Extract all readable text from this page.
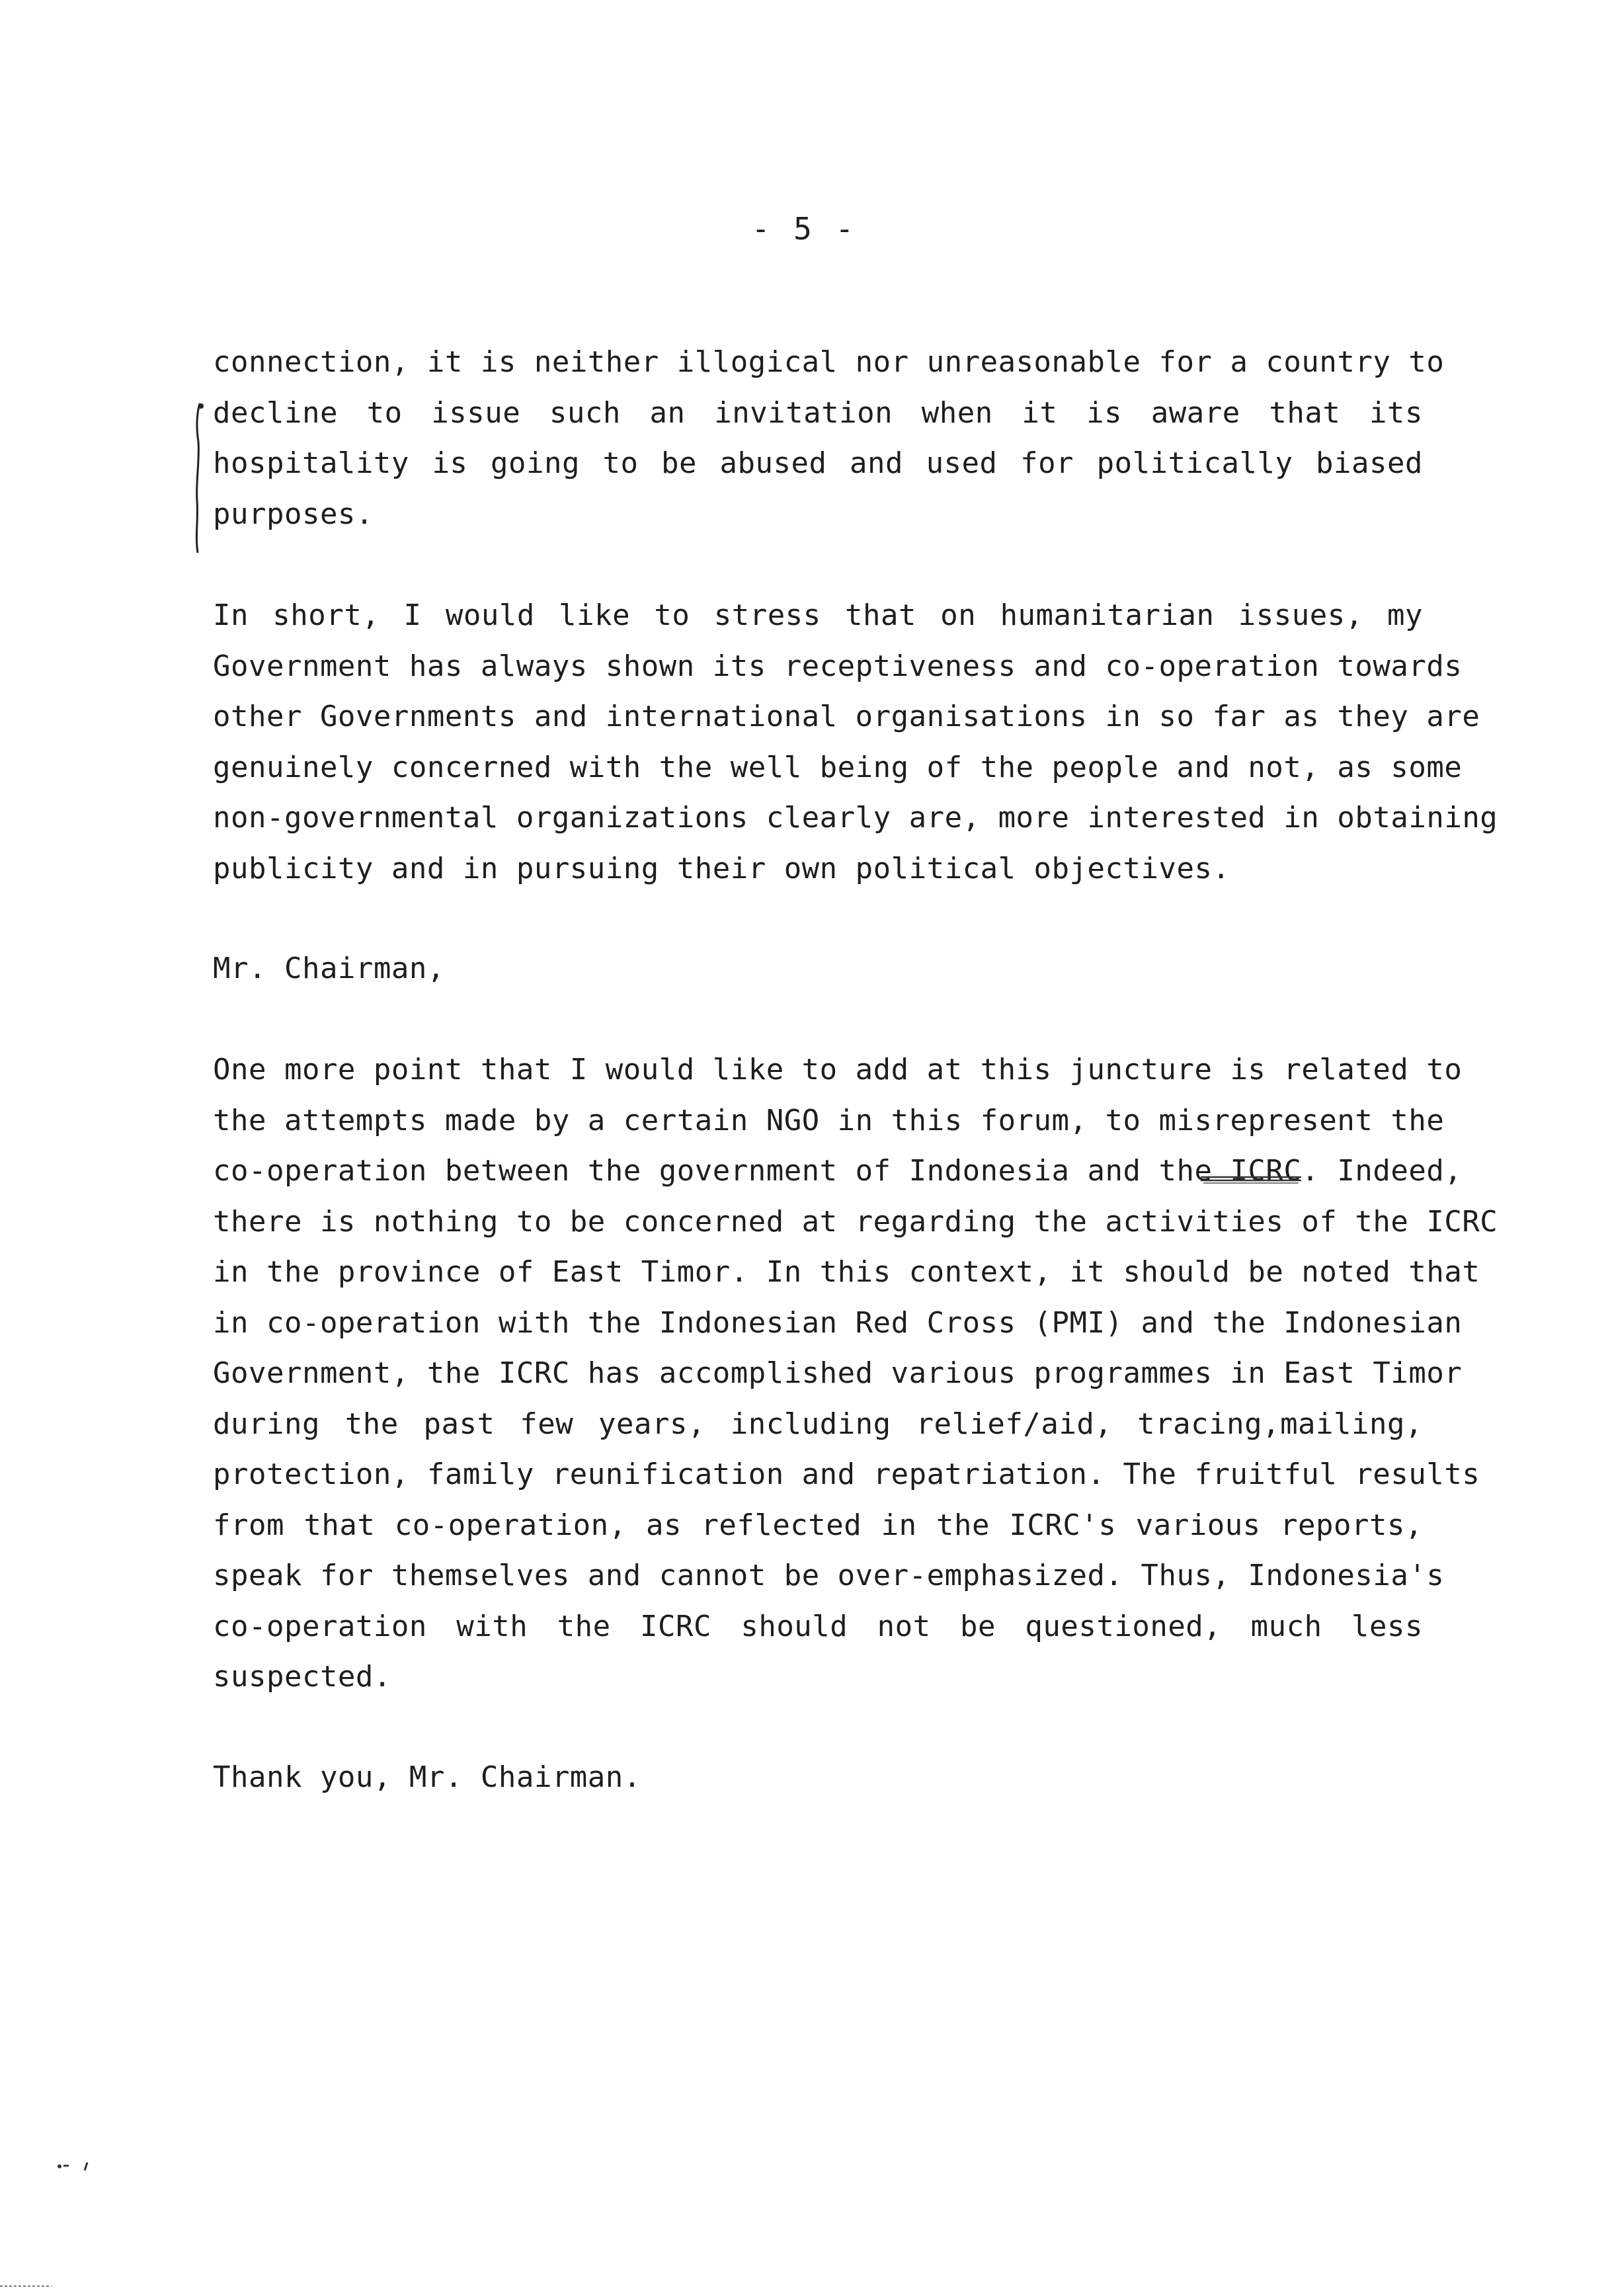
- 5 -
connection, it is neither illogical nor unreasonable for a country to
decline to issue such an invitation when it is aware that its
hospitality is going to be abused and used for politically biased
purposes.
In short, I would like to stress that on humanitarian issues, my
Government has always shown its receptiveness and co-operation towards
other Governments and international organisations in so far as they are
genuinely concerned with the well being of the people and not, as some
non-governmental organizations clearly are, more interested in obtaining
publicity and in pursuing their own political objectives.
Mr. Chairman,
One more point that I would like to add at this juncture is related to
the attempts made by a certain NGO in this forum, to misrepresent the
co-operation between the government of Indonesia and the ICRC. Indeed,
there is nothing to be concerned at regarding the activities of the ICRC
in the province of East Timor. In this context, it should be noted that
in co-operation with the Indonesian Red Cross (PMI) and the Indonesian
Government, the ICRC has accomplished various programmes in East Timor
during the past few years, including relief/aid, tracing,mailing,
protection, family reunification and repatriation. The fruitful results
from that co-operation, as reflected in the ICRC's various reports,
speak for themselves and cannot be over-emphasized. Thus, Indonesia's
co-operation with the ICRC should not be questioned, much less
suspected.
Thank you, Mr. Chairman.
